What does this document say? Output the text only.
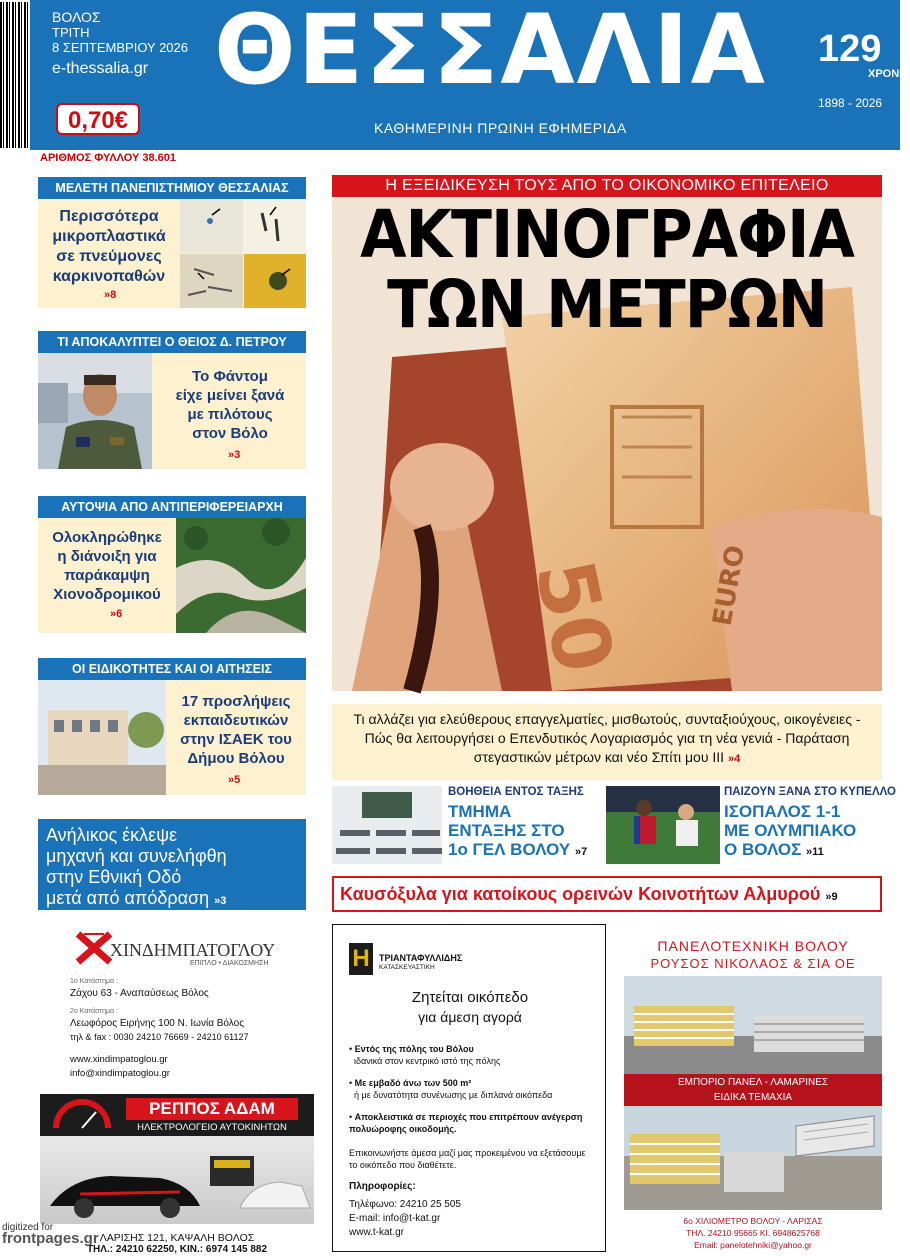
ΒΟΛΟΣ
ΤΡΙΤΗ
8 ΣΕΠΤΕΜΒΡΙΟΥ 2026
e-thessalia.gr
0,70€
ΘΕΣΣΑΛΙΑ
ΚΑΘΗΜΕΡΙΝΗ ΠΡΩΙΝΗ ΕΦΗΜΕΡΙΔΑ
129
ΧΡΟΝΙΑ
1898 - 2026
ΑΡΙΘΜΟΣ ΦΥΛΛΟΥ 38.601
ΜΕΛΕΤΗ ΠΑΝΕΠΙΣΤΗΜΙΟΥ ΘΕΣΣΑΛΙΑΣ
Περισσότερα
μικροπλαστικά
σε πνεύμονες
καρκινοπαθών
»8
ΤΙ ΑΠΟΚΑΛΥΠΤΕΙ Ο ΘΕΙΟΣ Δ. ΠΕΤΡΟΥ
Το Φάντομ
είχε μείνει ξανά
με πιλότους
στον Βόλο
»3
ΑΥΤΟΨΙΑ ΑΠΟ ΑΝΤΙΠΕΡΙΦΕΡΕΙΑΡΧΗ
Ολοκληρώθηκε
η διάνοιξη για
παράκαμψη
Χιονοδρομικού
»6
ΟΙ ΕΙΔΙΚΟΤΗΤΕΣ ΚΑΙ ΟΙ ΑΙΤΗΣΕΙΣ
17 προσλήψεις
εκπαιδευτικών
στην ΙΣΑΕΚ του
Δήμου Βόλου
»5
Ανήλικος έκλεψε
μηχανή και συνελήφθη
στην Εθνική Οδό
μετά από απόδραση »3
Η ΕΞΕΙΔΙΚΕΥΣΗ ΤΟΥΣ ΑΠΟ ΤΟ ΟΙΚΟΝΟΜΙΚΟ ΕΠΙΤΕΛΕΙΟ
50	EURO
ΑΚΤΙΝΟΓΡΑΦΙΑ
ΤΩΝ ΜΕΤΡΩΝ
Τι αλλάζει για ελεύθερους επαγγελματίες, μισθωτούς, συνταξιούχους, οικογένειες - Πώς θα λειτουργήσει ο Επενδυτικός Λογαριασμός για τη νέα γενιά - Παράταση στεγαστικών μέτρων και νέο Σπίτι μου ΙΙΙ »4
ΒΟΗΘΕΙΑ ΕΝΤΟΣ ΤΑΞΗΣ
ΤΜΗΜΑ
ΕΝΤΑΞΗΣ ΣΤΟ
1ο ΓΕΛ ΒΟΛΟΥ »7
ΠΑΙΖΟΥΝ ΞΑΝΑ ΣΤΟ ΚΥΠΕΛΛΟ
ΙΣΟΠΑΛΟΣ 1-1
ΜΕ ΟΛΥΜΠΙΑΚΟ
Ο ΒΟΛΟΣ »11
Καυσόξυλα για κατοίκους ορεινών Κοινοτήτων Αλμυρού »9
ΧΙΝΔΗΜΠΑΤΟΓΛΟΥ
ΕΠΙΠΛΟ • ΔΙΑΚΟΣΜΗΣΗ
1ο Κατάστημα :
Ζάχου 63 - Αναπαύσεως Βόλος
2ο Κατάστημα :
Λεωφόρος Ειρήνης 100 Ν. Ιωνία Βόλος
τηλ & fax : 0030 24210 76669 - 24210 61127
www.xindimpatoglou.gr
info@xindimpatoglou.gr
ΡΕΠΠΟΣ ΑΔΑΜ
ΗΛΕΚΤΡΟΛΟΓΕΙΟ ΑΥΤΟΚΙΝΗΤΩΝ
ΛΑΡΙΣΗΣ 121, ΚΑΨΑΛΗ ΒΟΛΟΣ
ΤΗΛ.: 24210 62250, ΚΙΝ.: 6974 145 882
Η	ΤΡΙΑΝΤΑΦΥΛΛΙΔΗΣ
ΚΑΤΑΣΚΕΥΑΣΤΙΚΗ
Ζητείται οικόπεδο
για άμεση αγορά
• Εντός της πόλης του Βόλου
ιδανικά στον κεντρικό ιστό της πόλης
• Με εμβαδό άνω των 500 m²
ή με δυνατότητα συνένωσης με διπλανά οικόπεδα
• Αποκλειστικά σε περιοχές που επιτρέπουν ανέγερση πολυώροφης οικοδομής.
Επικοινωνήστε άμεσα μαζί μας προκειμένου να εξετάσουμε το οικόπεδο που διαθέτετε.
Πληροφορίες:
Τηλέφωνο: 24210 25 505
E-mail: info@t-kat.gr
www.t-kat.gr
ΠΑΝΕΛΟΤΕΧΝΙΚΗ ΒΟΛΟΥ
ΡΟΥΣΟΣ ΝΙΚΟΛΑΟΣ & ΣΙΑ ΟΕ
ΕΜΠΟΡΙΟ ΠΑΝΕΛ - ΛΑΜΑΡΙΝΕΣ
ΕΙΔΙΚΑ ΤΕΜΑΧΙΑ
6ο ΧΙΛΙΟΜΕΤΡΟ ΒΟΛΟΥ - ΛΑΡΙΣΑΣ
ΤΗΛ. 24210 95665 ΚΙ. 6948625768
Email: panelotehniki@yahoo.gr
digitized for
frontpages.gr
